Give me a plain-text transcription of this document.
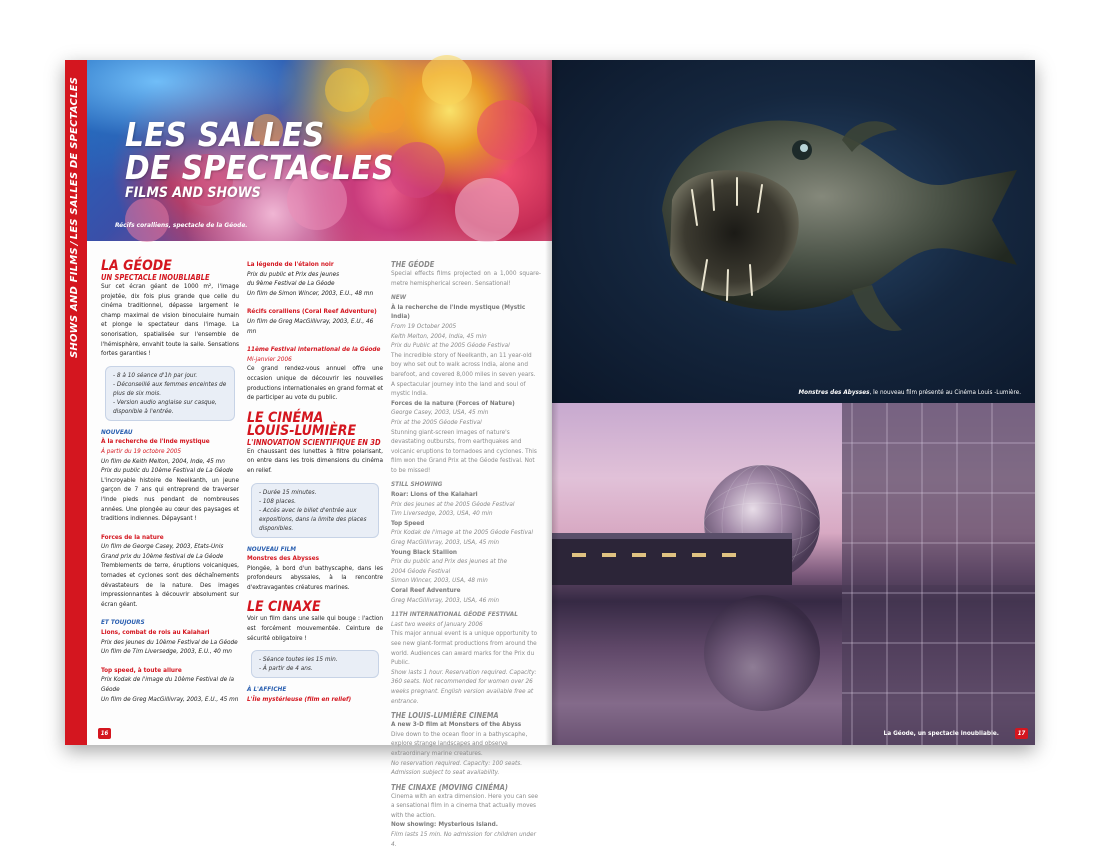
SHOWS AND FILMS/LES SALLES DE SPECTACLES LES SALLES
DE SPECTACLES
FILMS AND SHOWS
Récifs coralliens, spectacle de la Géode.
LA GÉODE
UN SPECTACLE INOUBLIABLE
Sur cet écran géant de 1000 m², l'image projetée, dix fois plus grande que celle du cinéma traditionnel, dépasse largement le champ maximal de vision binoculaire humain et plonge le spectateur dans l'image. La sonorisation, spatialisée sur l'ensemble de l'hémisphère, envahit toute la salle. Sensations fortes garanties !
- 8 à 10 séance d'1h par jour.
- Déconseillé aux femmes enceintes de plus de six mois.
- Version audio anglaise sur casque, disponible à l'entrée.
NOUVEAU
À la recherche de l'Inde mystique
À partir du 19 octobre 2005
Un film de Keith Melton, 2004, Inde, 45 mn
Prix du public du 10ème Festival de La Géode
L'incroyable histoire de Neelkanth, un jeune garçon de 7 ans qui entreprend de traverser l'Inde pieds nus pendant de nombreuses années. Une plongée au cœur des paysages et traditions indiennes. Dépaysant !
Forces de la nature
Un film de George Casey, 2003, Etats-Unis
Grand prix du 10ème festival de La Géode
Tremblements de terre, éruptions volcaniques, tornades et cyclones sont des déchaînements dévastateurs de la nature. Des images impressionnantes à découvrir absolument sur écran géant.
ET TOUJOURS
Lions, combat de rois au Kalahari
Prix des jeunes du 10ème Festival de La Géode
Un film de Tim Liversedge, 2003, E.U., 40 mn
Top speed, à toute allure
Prix Kodak de l'image du 10ème Festival de la Géode
Un film de Greg MacGillivray, 2003, E.U., 45 mn
La légende de l'étalon noir
Prix du public et Prix des jeunes
du 9ème Festival de La Géode
Un film de Simon Wincer, 2003, E.U., 48 mn
Récifs coralliens (Coral Reef Adventure)
Un film de Greg MacGillivray, 2003, E.U., 46 mn
11ème Festival international de la Géode
Mi-janvier 2006
Ce grand rendez-vous annuel offre une occasion unique de découvrir les nouvelles productions internationales en grand format et de participer au vote du public.
LE CINÉMA
LOUIS-LUMIÈRE
L'INNOVATION SCIENTIFIQUE EN 3D
En chaussant des lunettes à filtre polarisant, on entre dans les trois dimensions du cinéma en relief.
- Durée 15 minutes.
- 108 places.
- Accès avec le billet d'entrée aux expositions, dans la limite des places disponibles.
NOUVEAU FILM
Monstres des Abysses
Plongée, à bord d'un bathyscaphe, dans les profondeurs abyssales, à la rencontre d'extravagantes créatures marines.
LE CINAXE
Voir un film dans une salle qui bouge : l'action est forcément mouvementée. Ceinture de sécurité obligatoire !
- Séance toutes les 15 min.
- À partir de 4 ans.
À L'AFFICHE
L'Île mystérieuse (film en relief)
THE GÉODE
Special effects films projected on a 1,000 square-metre hemispherical screen. Sensational!
NEW
À la recherche de l'Inde mystique (Mystic India)
From 19 October 2005
Keith Melton, 2004, India, 45 min
Prix du Public at the 2005 Géode Festival
The incredible story of Neelkanth, an 11 year-old boy who set out to walk across India, alone and barefoot, and covered 8,000 miles in seven years. A spectacular journey into the land and soul of mystic India.
Forces de la nature (Forces of Nature)
George Casey, 2003, USA, 45 min
Prix at the 2005 Géode Festival
Stunning giant-screen images of nature's devastating outbursts, from earthquakes and volcanic eruptions to tornadoes and cyclones. This film won the Grand Prix at the Géode festival. Not to be missed!
STILL SHOWING
Roar: Lions of the Kalahari
Prix des jeunes at the 2005 Géode Festival
Tim Liversedge, 2003, USA, 40 min
Top Speed
Prix Kodak de l'image at the 2005 Géode Festival
Greg MacGillivray, 2003, USA, 45 min
Young Black Stallion
Prix du public and Prix des jeunes at the
2004 Géode Festival
Simon Wincer, 2003, USA, 48 min
Coral Reef Adventure
Greg MacGillivray, 2003, USA, 46 min
11TH INTERNATIONAL GÉODE FESTIVAL
Last two weeks of January 2006
This major annual event is a unique opportunity to see new giant-format productions from around the world. Audiences can award marks for the Prix du Public.
Show lasts 1 hour. Reservation required. Capacity: 360 seats. Not recommended for women over 26 weeks pregnant. English version available free at entrance.
THE LOUIS-LUMIÈRE CINEMA
A new 3-D film at Monsters of the Abyss
Dive down to the ocean floor in a bathyscaphe, explore strange landscapes and observe extraordinary marine creatures.
No reservation required. Capacity: 100 seats. Admission subject to seat availability.
THE CINAXE (MOVING CINÉMA)
Cinema with an extra dimension. Here you can see a sensational film in a cinema that actually moves with the action.
Now showing: Mysterious Island.
Film lasts 15 min. No admission for children under 4.
16
Monstres des Abysses, le nouveau film présenté au Cinéma Louis -Lumière.
La Géode, un spectacle inoubliable.	17
